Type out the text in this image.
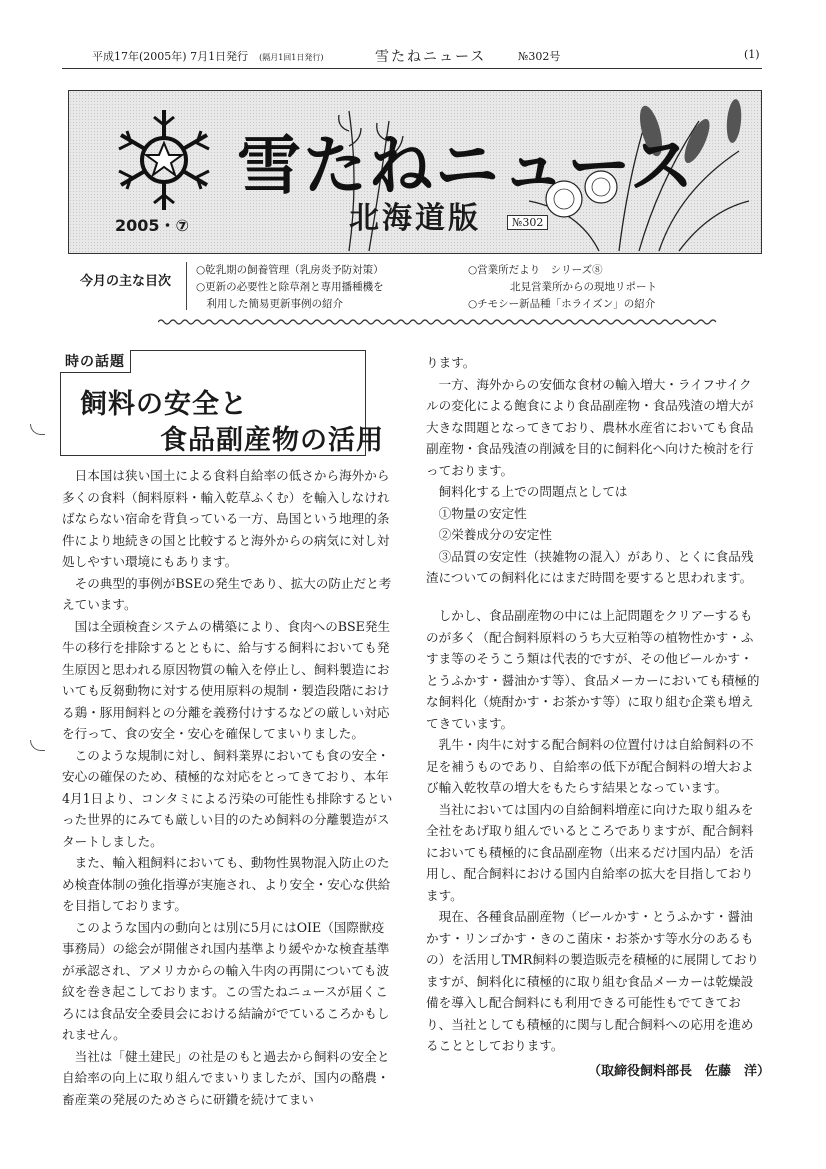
平成17年(2005年) 7月1日発行　 (隔月1回1日発行)	雪たねニュース	№302号	(1)
雪たねニュース
北海道版
2005・⑦	№302
今月の主な目次
○乾乳期の飼養管理（乳房炎予防対策）
○更新の必要性と除草剤と専用播種機を
　利用した簡易更新事例の紹介
○営業所だより　シリーズ⑧
　　　　北見営業所からの現地リポート
○チモシー新品種「ホライズン」の紹介
時の話題
飼料の安全と
食品副産物の活用

日本国は狭い国土による食料自給率の低さから海外から多くの食料（飼料原料・輸入乾草ふくむ）を輸入しなければならない宿命を背負っている一方、島国という地理的条件により地続きの国と比較すると海外からの病気に対し対処しやすい環境にもあります。

その典型的事例がBSEの発生であり、拡大の防止だと考えています。

国は全頭検査システムの構築により、食肉へのBSE発生牛の移行を排除するとともに、給与する飼料においても発生原因と思われる原因物質の輸入を停止し、飼料製造においても反芻動物に対する使用原料の規制・製造段階における鶏・豚用飼料との分離を義務付けするなどの厳しい対応を行って、食の安全・安心を確保してまいりました。

このような規制に対し、飼料業界においても食の安全・安心の確保のため、積極的な対応をとってきており、本年4月1日より、コンタミによる汚染の可能性も排除するといった世界的にみても厳しい目的のため飼料の分離製造がスタートしました。

また、輸入粗飼料においても、動物性異物混入防止のため検査体制の強化指導が実施され、より安全・安心な供給を目指しております。

このような国内の動向とは別に5月にはOIE（国際獣疫事務局）の総会が開催され国内基準より緩やかな検査基準が承認され、アメリカからの輸入牛肉の再開についても波紋を巻き起こしております。この雪たねニュースが届くころには食品安全委員会における結論がでているころかもしれません。

当社は「健土建民」の社是のもと過去から飼料の安全と自給率の向上に取り組んでまいりましたが、国内の酪農・畜産業の発展のためさらに研鑽を続けてまい

ります。

一方、海外からの安価な食材の輸入増大・ライフサイクルの変化による飽食により食品副産物・食品残渣の増大が大きな問題となってきており、農林水産省においても食品副産物・食品残渣の削減を目的に飼料化へ向けた検討を行っております。

飼料化する上での問題点としては

①物量の安定性

②栄養成分の安定性

③品質の安定性（挟雑物の混入）があり、とくに食品残渣についての飼料化にはまだ時間を要すると思われます。

しかし、食品副産物の中には上記問題をクリアーするものが多く（配合飼料原料のうち大豆粕等の植物性かす・ふすま等のそうこう類は代表的ですが、その他ビールかす・とうふかす・醤油かす等）、食品メーカーにおいても積極的な飼料化（焼酎かす・お茶かす等）に取り組む企業も増えてきています。

乳牛・肉牛に対する配合飼料の位置付けは自給飼料の不足を補うものであり、自給率の低下が配合飼料の増大および輸入乾牧草の増大をもたらす結果となっています。

当社においては国内の自給飼料増産に向けた取り組みを全社をあげ取り組んでいるところでありますが、配合飼料においても積極的に食品副産物（出来るだけ国内品）を活用し、配合飼料における国内自給率の拡大を目指しております。

現在、各種食品副産物（ビールかす・とうふかす・醤油かす・リンゴかす・きのこ菌床・お茶かす等水分のあるもの）を活用しTMR飼料の製造販売を積極的に展開しておりますが、飼料化に積極的に取り組む食品メーカーは乾燥設備を導入し配合飼料にも利用できる可能性もでてきており、当社としても積極的に関与し配合飼料への応用を進めることとしております。

（取締役飼料部長　佐藤　洋）
